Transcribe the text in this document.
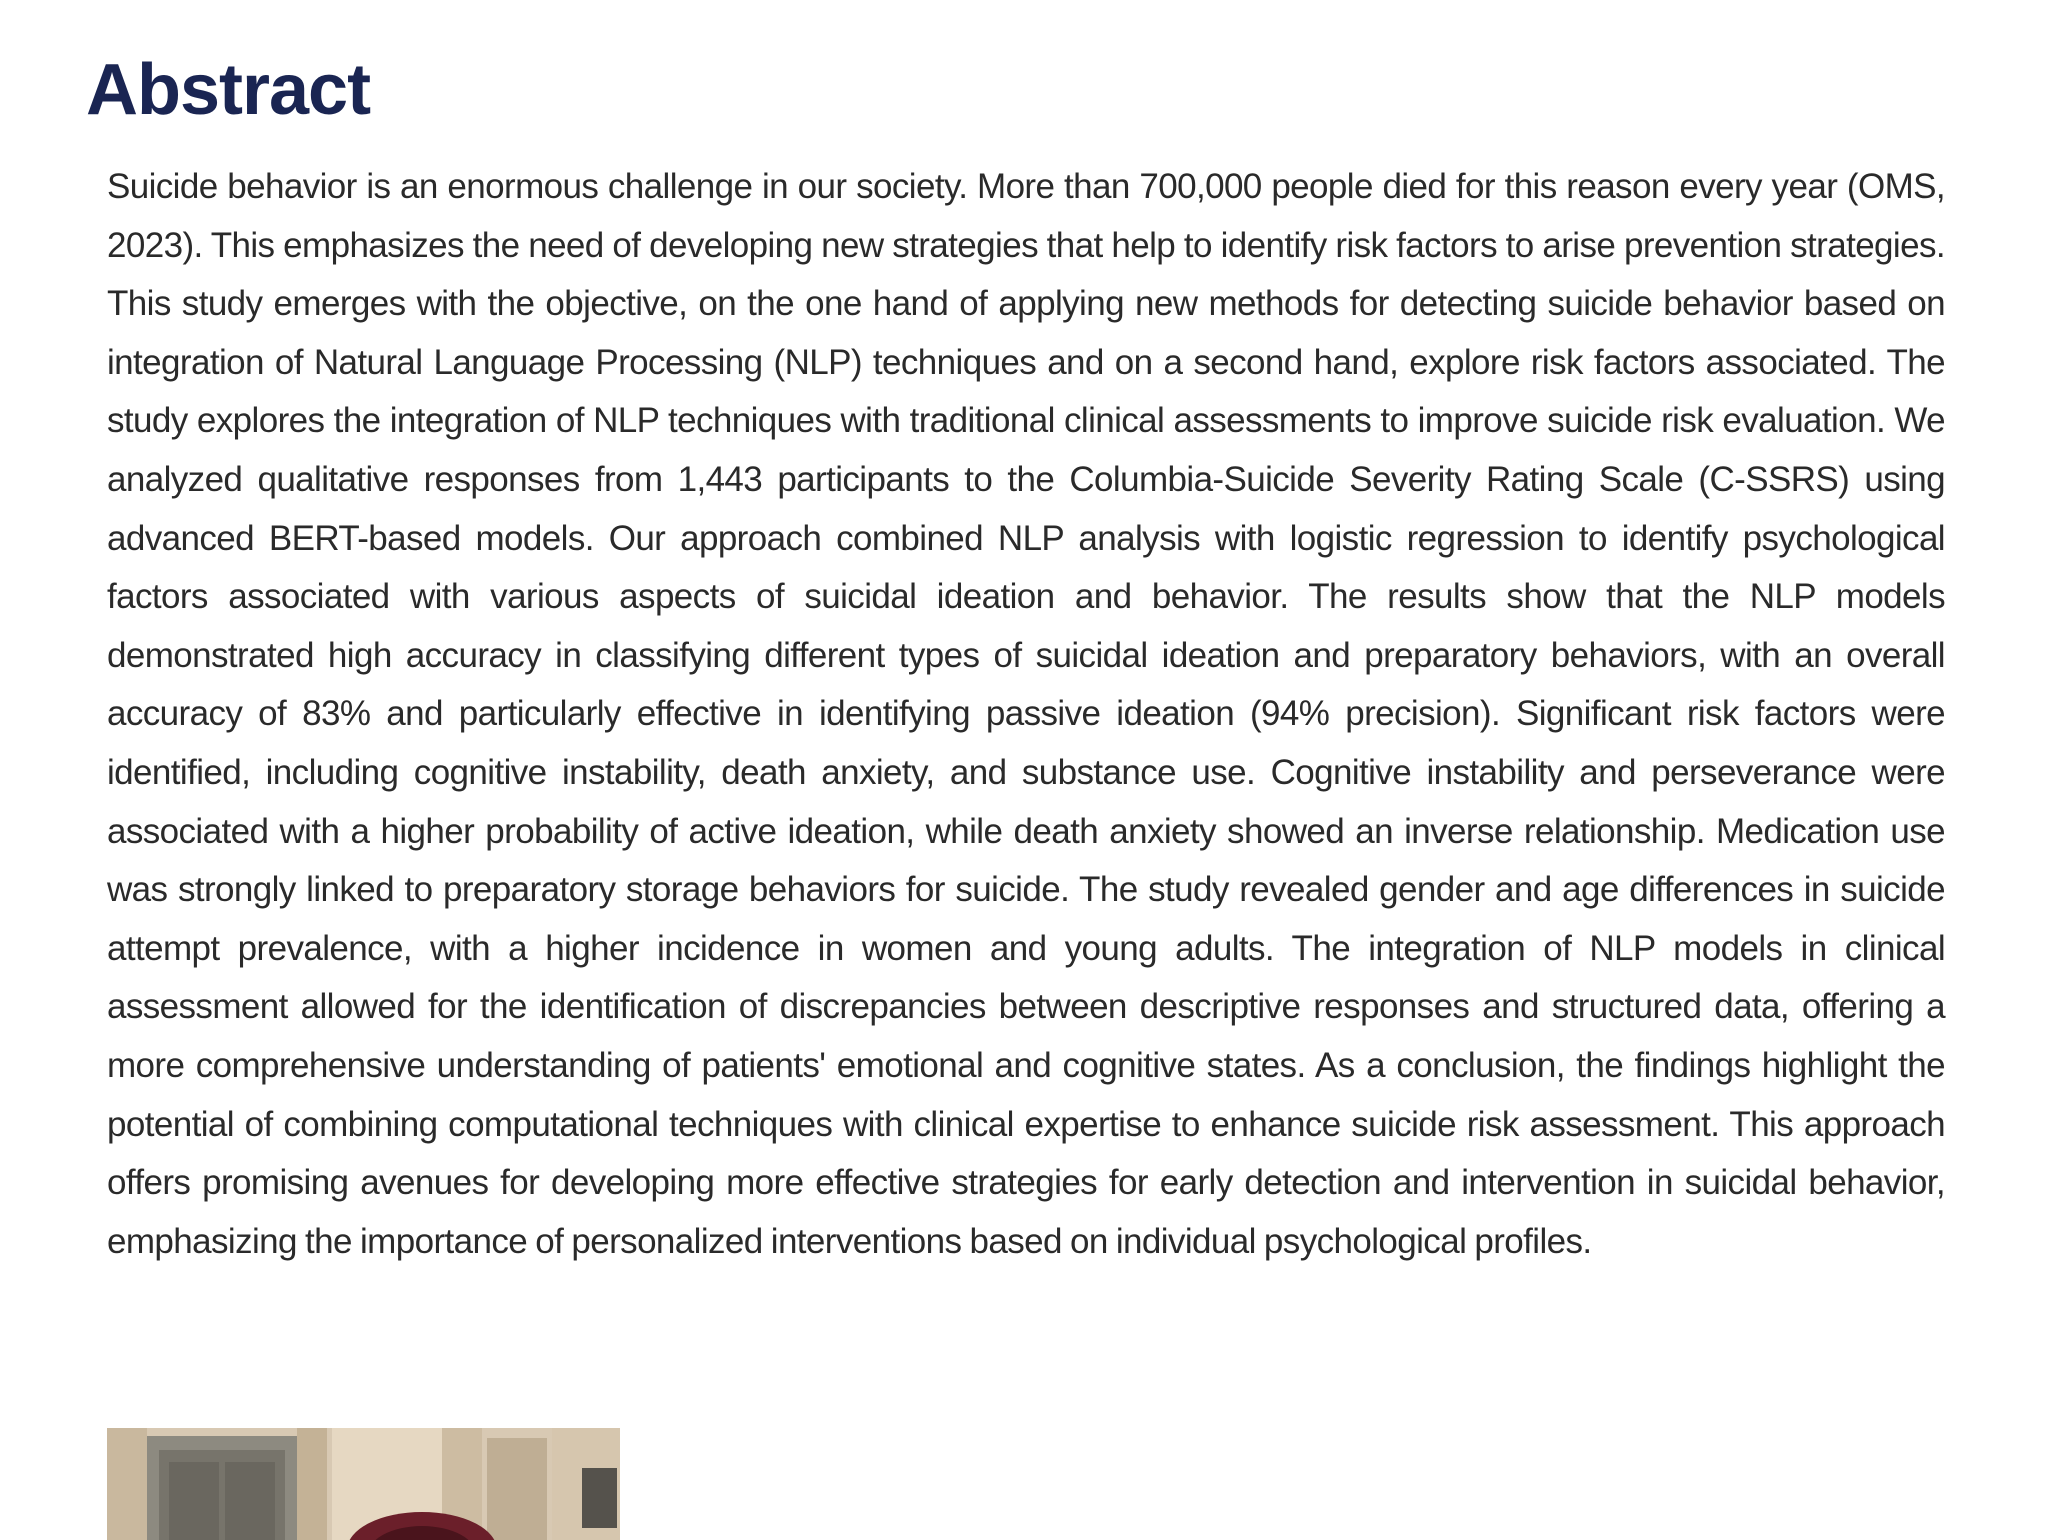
Abstract

Suicide behavior is an enormous challenge in our society. More than 700,000 people died for this reason every year (OMS, 2023). This emphasizes the need of developing new strategies that help to identify risk factors to arise prevention strategies. This study emerges with the objective, on the one hand of applying new methods for detecting suicide behavior based on integration of Natural Language Processing (NLP) techniques and on a second hand, explore risk factors associated. The study explores the integration of NLP techniques with traditional clinical assessments to improve suicide risk evaluation. We analyzed qualitative responses from 1,443 participants to the Columbia-Suicide Severity Rating Scale (C-SSRS) using advanced BERT-based models. Our approach combined NLP analysis with logistic regression to identify psychological factors associated with various aspects of suicidal ideation and behavior. The results show that the NLP models demonstrated high accuracy in classifying different types of suicidal ideation and preparatory behaviors, with an overall accuracy of 83% and particularly effective in identifying passive ideation (94% precision). Significant risk factors were identified, including cognitive instability, death anxiety, and substance use. Cognitive instability and perseverance were associated with a higher probability of active ideation, while death anxiety showed an inverse relationship. Medication use was strongly linked to preparatory storage behaviors for suicide. The study revealed gender and age differences in suicide attempt prevalence, with a higher incidence in women and young adults. The integration of NLP models in clinical assessment allowed for the identification of discrepancies between descriptive responses and structured data, offering a more comprehensive understanding of patients' emotional and cognitive states. As a conclusion, the findings highlight the potential of combining computational techniques with clinical expertise to enhance suicide risk assessment. This approach offers promising avenues for developing more effective strategies for early detection and intervention in suicidal behavior, emphasizing the importance of personalized interventions based on individual psychological profiles.
